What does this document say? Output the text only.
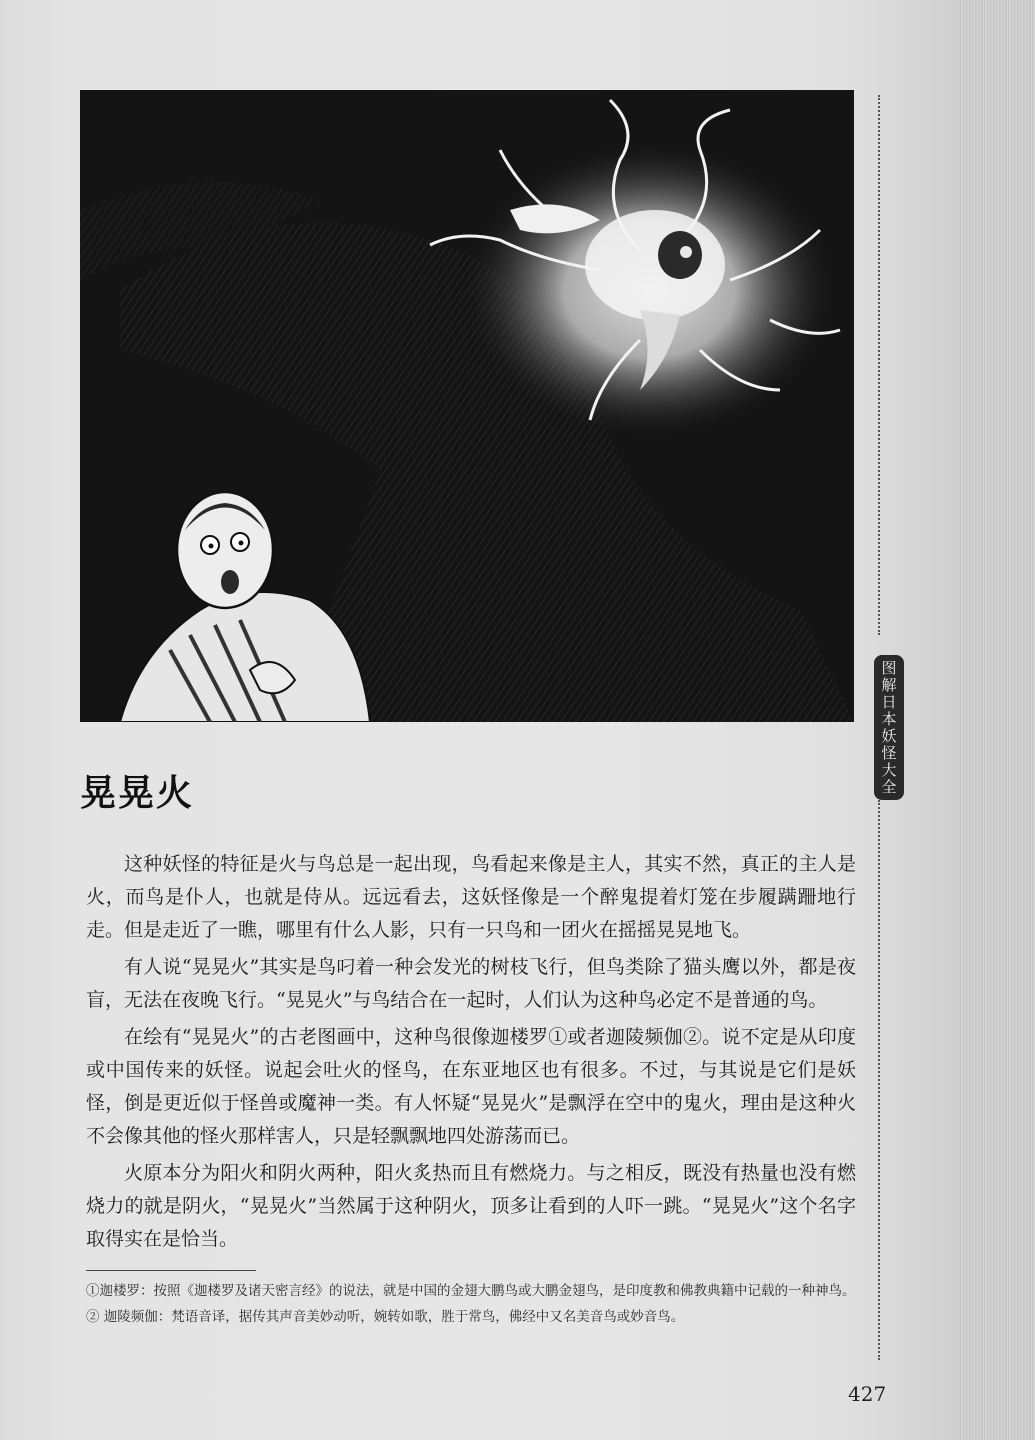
图解日本妖怪大全
晃晃火

这种妖怪的特征是火与鸟总是一起出现，鸟看起来像是主人，其实不然，真正的主人是火，而鸟是仆人，也就是侍从。远远看去，这妖怪像是一个醉鬼提着灯笼在步履蹒跚地行走。但是走近了一瞧，哪里有什么人影，只有一只鸟和一团火在摇摇晃晃地飞。

有人说“晃晃火”其实是鸟叼着一种会发光的树枝飞行，但鸟类除了猫头鹰以外，都是夜盲，无法在夜晚飞行。“晃晃火”与鸟结合在一起时，人们认为这种鸟必定不是普通的鸟。

在绘有“晃晃火”的古老图画中，这种鸟很像迦楼罗①或者迦陵频伽②。说不定是从印度或中国传来的妖怪。说起会吐火的怪鸟，在东亚地区也有很多。不过，与其说是它们是妖怪，倒是更近似于怪兽或魔神一类。有人怀疑“晃晃火”是飘浮在空中的鬼火，理由是这种火不会像其他的怪火那样害人，只是轻飘飘地四处游荡而已。

火原本分为阳火和阴火两种，阳火炙热而且有燃烧力。与之相反，既没有热量也没有燃烧力的就是阴火，“晃晃火”当然属于这种阴火，顶多让看到的人吓一跳。“晃晃火”这个名字取得实在是恰当。

①迦楼罗：按照《迦楼罗及诸天密言经》的说法，就是中国的金翅大鹏鸟或大鹏金翅鸟，是印度教和佛教典籍中记载的一种神鸟。

② 迦陵频伽：梵语音译，据传其声音美妙动听，婉转如歌，胜于常鸟，佛经中又名美音鸟或妙音鸟。

427
